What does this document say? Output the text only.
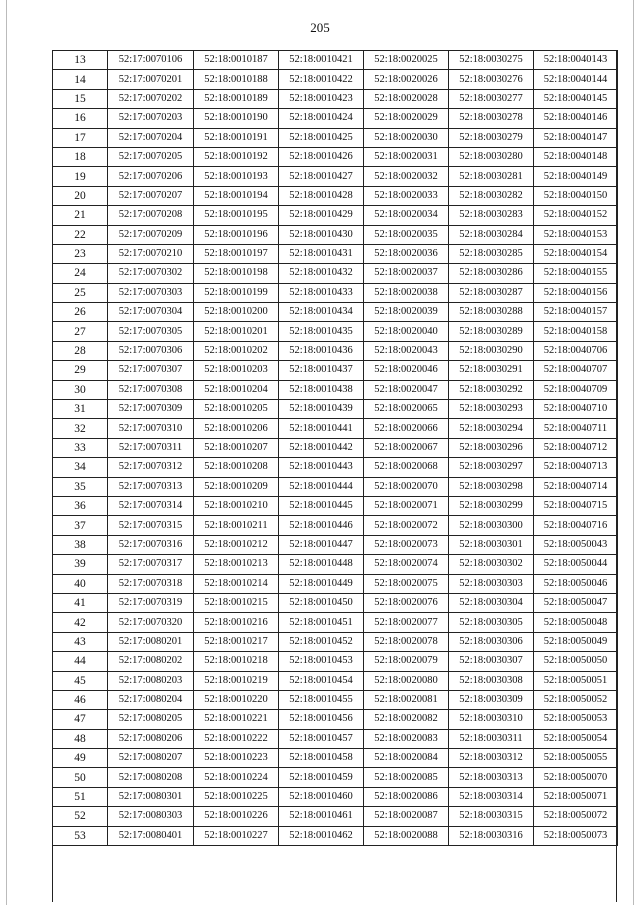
205
13	52:17:0070106	52:18:0010187	52:18:0010421	52:18:0020025	52:18:0030275	52:18:0040143
14	52:17:0070201	52:18:0010188	52:18:0010422	52:18:0020026	52:18:0030276	52:18:0040144
15	52:17:0070202	52:18:0010189	52:18:0010423	52:18:0020028	52:18:0030277	52:18:0040145
16	52:17:0070203	52:18:0010190	52:18:0010424	52:18:0020029	52:18:0030278	52:18:0040146
17	52:17:0070204	52:18:0010191	52:18:0010425	52:18:0020030	52:18:0030279	52:18:0040147
18	52:17:0070205	52:18:0010192	52:18:0010426	52:18:0020031	52:18:0030280	52:18:0040148
19	52:17:0070206	52:18:0010193	52:18:0010427	52:18:0020032	52:18:0030281	52:18:0040149
20	52:17:0070207	52:18:0010194	52:18:0010428	52:18:0020033	52:18:0030282	52:18:0040150
21	52:17:0070208	52:18:0010195	52:18:0010429	52:18:0020034	52:18:0030283	52:18:0040152
22	52:17:0070209	52:18:0010196	52:18:0010430	52:18:0020035	52:18:0030284	52:18:0040153
23	52:17:0070210	52:18:0010197	52:18:0010431	52:18:0020036	52:18:0030285	52:18:0040154
24	52:17:0070302	52:18:0010198	52:18:0010432	52:18:0020037	52:18:0030286	52:18:0040155
25	52:17:0070303	52:18:0010199	52:18:0010433	52:18:0020038	52:18:0030287	52:18:0040156
26	52:17:0070304	52:18:0010200	52:18:0010434	52:18:0020039	52:18:0030288	52:18:0040157
27	52:17:0070305	52:18:0010201	52:18:0010435	52:18:0020040	52:18:0030289	52:18:0040158
28	52:17:0070306	52:18:0010202	52:18:0010436	52:18:0020043	52:18:0030290	52:18:0040706
29	52:17:0070307	52:18:0010203	52:18:0010437	52:18:0020046	52:18:0030291	52:18:0040707
30	52:17:0070308	52:18:0010204	52:18:0010438	52:18:0020047	52:18:0030292	52:18:0040709
31	52:17:0070309	52:18:0010205	52:18:0010439	52:18:0020065	52:18:0030293	52:18:0040710
32	52:17:0070310	52:18:0010206	52:18:0010441	52:18:0020066	52:18:0030294	52:18:0040711
33	52:17:0070311	52:18:0010207	52:18:0010442	52:18:0020067	52:18:0030296	52:18:0040712
34	52:17:0070312	52:18:0010208	52:18:0010443	52:18:0020068	52:18:0030297	52:18:0040713
35	52:17:0070313	52:18:0010209	52:18:0010444	52:18:0020070	52:18:0030298	52:18:0040714
36	52:17:0070314	52:18:0010210	52:18:0010445	52:18:0020071	52:18:0030299	52:18:0040715
37	52:17:0070315	52:18:0010211	52:18:0010446	52:18:0020072	52:18:0030300	52:18:0040716
38	52:17:0070316	52:18:0010212	52:18:0010447	52:18:0020073	52:18:0030301	52:18:0050043
39	52:17:0070317	52:18:0010213	52:18:0010448	52:18:0020074	52:18:0030302	52:18:0050044
40	52:17:0070318	52:18:0010214	52:18:0010449	52:18:0020075	52:18:0030303	52:18:0050046
41	52:17:0070319	52:18:0010215	52:18:0010450	52:18:0020076	52:18:0030304	52:18:0050047
42	52:17:0070320	52:18:0010216	52:18:0010451	52:18:0020077	52:18:0030305	52:18:0050048
43	52:17:0080201	52:18:0010217	52:18:0010452	52:18:0020078	52:18:0030306	52:18:0050049
44	52:17:0080202	52:18:0010218	52:18:0010453	52:18:0020079	52:18:0030307	52:18:0050050
45	52:17:0080203	52:18:0010219	52:18:0010454	52:18:0020080	52:18:0030308	52:18:0050051
46	52:17:0080204	52:18:0010220	52:18:0010455	52:18:0020081	52:18:0030309	52:18:0050052
47	52:17:0080205	52:18:0010221	52:18:0010456	52:18:0020082	52:18:0030310	52:18:0050053
48	52:17:0080206	52:18:0010222	52:18:0010457	52:18:0020083	52:18:0030311	52:18:0050054
49	52:17:0080207	52:18:0010223	52:18:0010458	52:18:0020084	52:18:0030312	52:18:0050055
50	52:17:0080208	52:18:0010224	52:18:0010459	52:18:0020085	52:18:0030313	52:18:0050070
51	52:17:0080301	52:18:0010225	52:18:0010460	52:18:0020086	52:18:0030314	52:18:0050071
52	52:17:0080303	52:18:0010226	52:18:0010461	52:18:0020087	52:18:0030315	52:18:0050072
53	52:17:0080401	52:18:0010227	52:18:0010462	52:18:0020088	52:18:0030316	52:18:0050073
